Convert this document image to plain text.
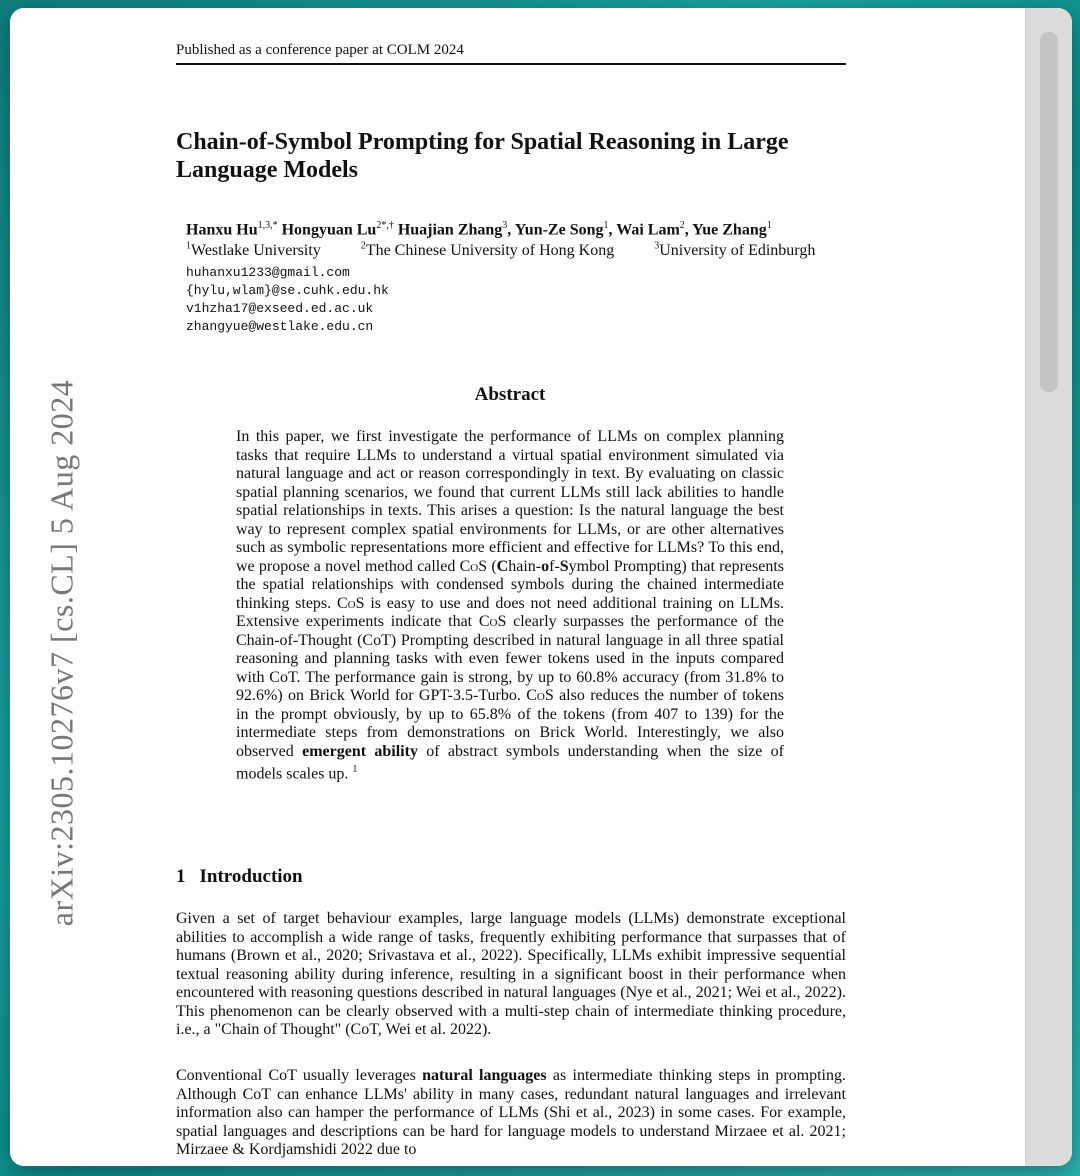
Published as a conference paper at COLM 2024
arXiv:2305.10276v7 [cs.CL] 5 Aug 2024
Chain-of-Symbol Prompting for Spatial Reasoning in Large Language Models
Hanxu $Hu^{1,3,*}$ Hongyuan $Lu^{2*,\dagger}$ Huajian Zhang$^3$, Yun-Ze Song$^1$, Wai Lam$^2$, Yue Zhang$^1$
$^1$Westlake University	$^2$The Chinese University of Hong Kong	$^3$University of Edinburgh
huhanxu1233@gmail.com
{hylu,wlam}@se.cuhk.edu.hk
v1hzha17@exseed.ed.ac.uk
zhangyue@westlake.edu.cn
Abstract

In this paper, we first investigate the performance of LLMs on complex planning tasks that require LLMs to understand a virtual spatial environment simulated via natural language and act or reason correspondingly in text. By evaluating on classic spatial planning scenarios, we found that current LLMs still lack abilities to handle spatial relationships in texts. This arises a question: Is the natural language the best way to represent complex spatial environments for LLMs, or are other alternatives such as symbolic representations more efficient and effective for LLMs? To this end, we propose a novel method called CoS (Chain-of-Symbol Prompting) that represents the spatial relationships with condensed symbols during the chained intermediate thinking steps. CoS is easy to use and does not need additional training on LLMs. Extensive experiments indicate that CoS clearly surpasses the performance of the Chain-of-Thought (CoT) Prompting described in natural language in all three spatial reasoning and planning tasks with even fewer tokens used in the inputs compared with CoT. The performance gain is strong, by up to 60.8% accuracy (from 31.8% to 92.6%) on Brick World for GPT-3.5-Turbo. CoS also reduces the number of tokens in the prompt obviously, by up to 65.8% of the tokens (from 407 to 139) for the intermediate steps from demonstrations on Brick World. Interestingly, we also observed emergent ability of abstract symbols understanding when the size of models scales up. $^1$

1 Introduction

Given a set of target behaviour examples, large language models (LLMs) demonstrate exceptional abilities to accomplish a wide range of tasks, frequently exhibiting performance that surpasses that of humans (Brown et al., 2020; Srivastava et al., 2022). Specifically, LLMs exhibit impressive sequential textual reasoning ability during inference, resulting in a significant boost in their performance when encountered with reasoning questions described in natural languages (Nye et al., 2021; Wei et al., 2022). This phenomenon can be clearly observed with a multi-step chain of intermediate thinking procedure, i.e., a "Chain of Thought" (CoT, Wei et al. 2022).

Conventional CoT usually leverages natural languages as intermediate thinking steps in prompting. Although CoT can enhance LLMs' ability in many cases, redundant natural languages and irrelevant information also can hamper the performance of LLMs (Shi et al., 2023) in some cases. For example, spatial languages and descriptions can be hard for language models to understand Mirzaee et al. 2021; Mirzaee & Kordjamshidi 2022 due to
